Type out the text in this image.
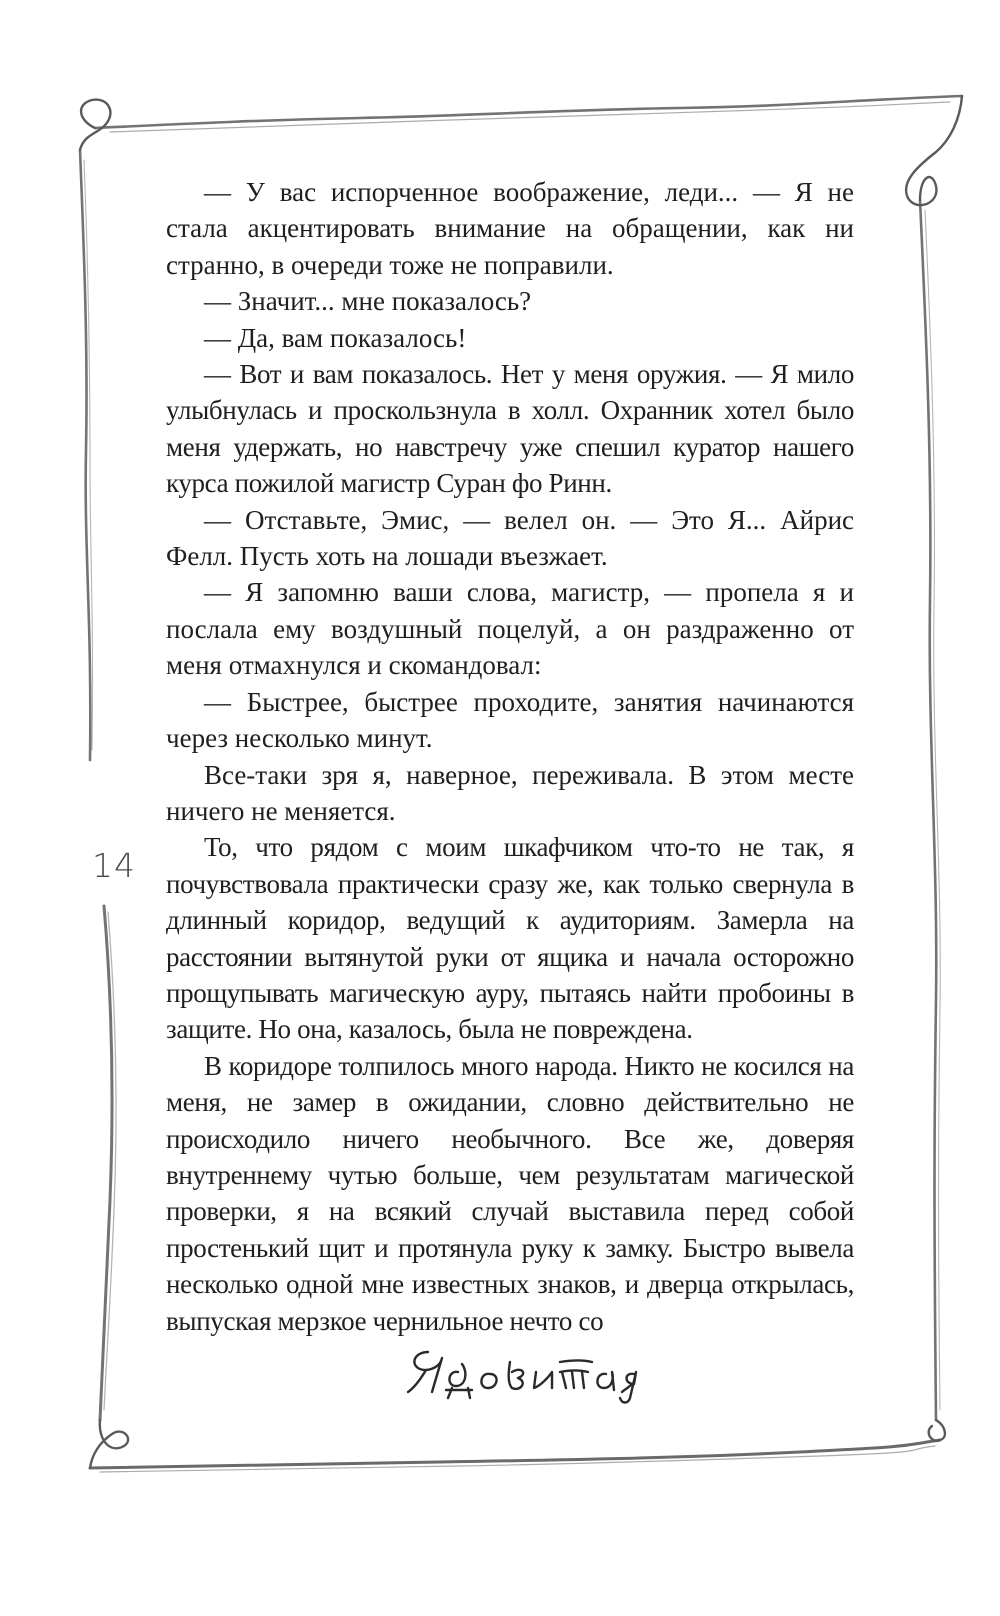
14

— У вас испорченное воображение, леди... — Я не стала акцентировать внимание на обращении, как ни странно, в очереди тоже не поправили.

— Значит... мне показалось?

— Да, вам показалось!

— Вот и вам показалось. Нет у меня оружия. — Я мило улыбнулась и проскользнула в холл. Охранник хотел было меня удержать, но навстречу уже спешил куратор нашего курса пожилой магистр Суран фо Ринн.

— Отставьте, Эмис, — велел он. — Это Я... Айрис Фелл. Пусть хоть на лошади въезжает.

— Я запомню ваши слова, магистр, — пропела я и послала ему воздушный поцелуй, а он раздраженно от меня отмахнулся и скомандовал:

— Быстрее, быстрее проходите, занятия начинаются через несколько минут.

Все-таки зря я, наверное, переживала. В этом месте ничего не меняется.

То, что рядом с моим шкафчиком что-то не так, я почувствовала практически сразу же, как только свернула в длинный коридор, ведущий к аудиториям. Замерла на расстоянии вытянутой руки от ящика и начала осторожно прощупывать магическую ауру, пытаясь найти пробоины в защите. Но она, казалось, была не повреждена.

В коридоре толпилось много народа. Никто не косился на меня, не замер в ожидании, словно действительно не происходило ничего необычного. Все же, доверяя внутреннему чутью больше, чем результатам магической проверки, я на всякий случай выставила перед собой простенький щит и протянула руку к замку. Быстро вывела несколько одной мне известных знаков, и дверца открылась, выпуская мерзкое чернильное нечто со
